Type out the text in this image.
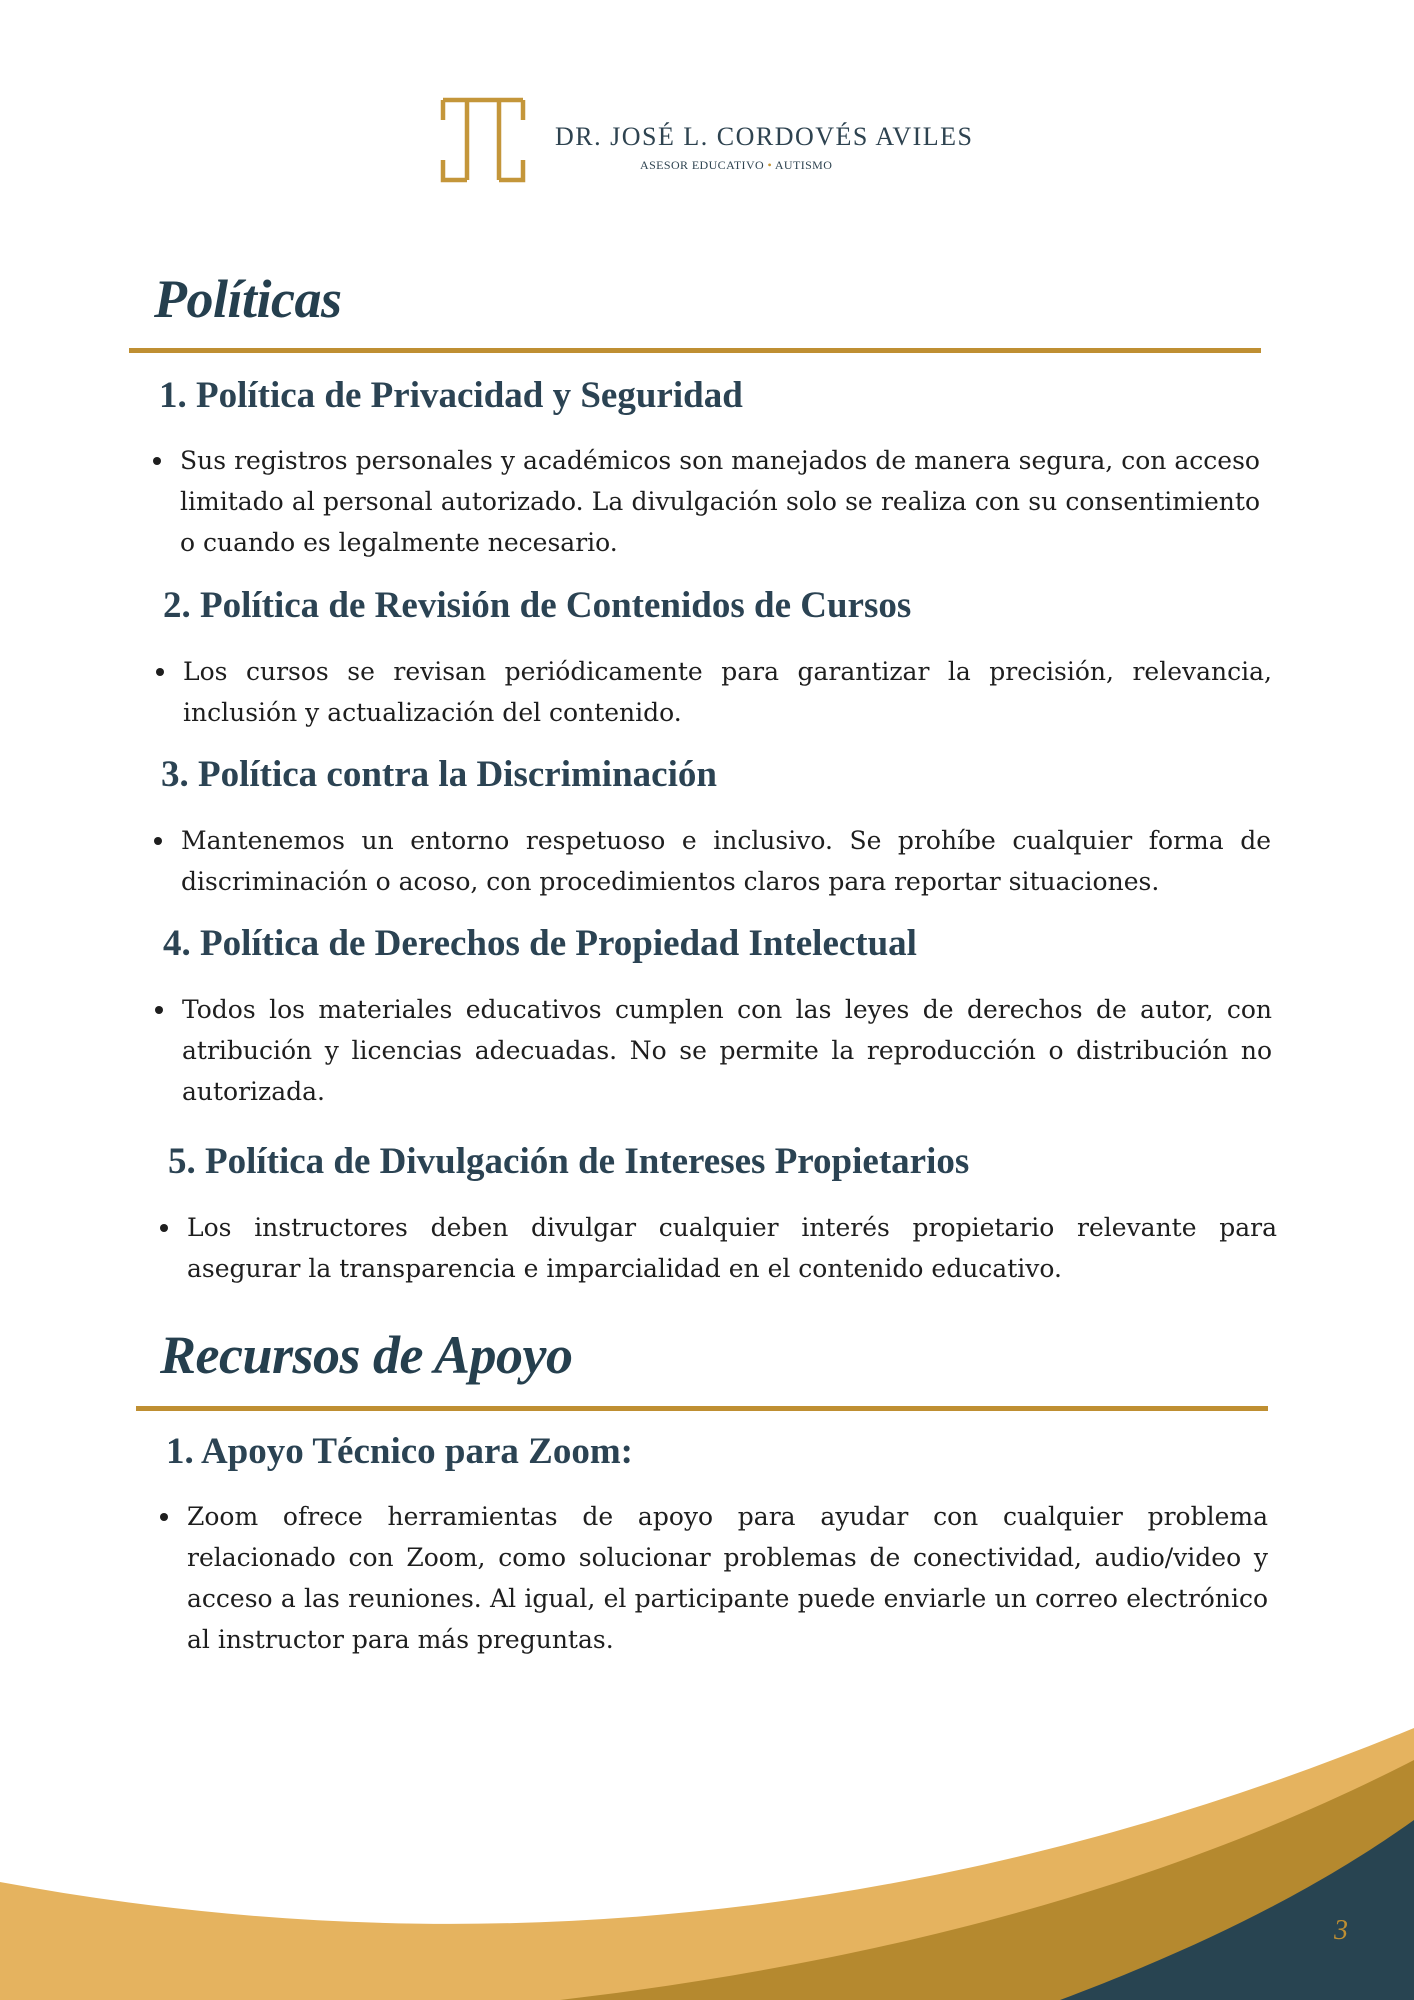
DR. JOSÉ L. CORDOVÉS AVILES
ASESOR EDUCATIVO • AUTISMO
Políticas
1. Política de Privacidad y Seguridad
Sus registros personales y académicos son manejados de manera segura, con acceso limitado al personal autorizado. La divulgación solo se realiza con su consentimiento o cuando es legalmente necesario.
2. Política de Revisión de Contenidos de Cursos
Los cursos se revisan periódicamente para garantizar la precisión, relevancia, inclusión y actualización del contenido.
3. Política contra la Discriminación
Mantenemos un entorno respetuoso e inclusivo. Se prohíbe cualquier forma de discriminación o acoso, con procedimientos claros para reportar situaciones.
4. Política de Derechos de Propiedad Intelectual
Todos los materiales educativos cumplen con las leyes de derechos de autor, con atribución y licencias adecuadas. No se permite la reproducción o distribución no autorizada.
5. Política de Divulgación de Intereses Propietarios
Los instructores deben divulgar cualquier interés propietario relevante para asegurar la transparencia e imparcialidad en el contenido educativo.
Recursos de Apoyo
1. Apoyo Técnico para Zoom:
Zoom ofrece herramientas de apoyo para ayudar con cualquier problema relacionado con Zoom, como solucionar problemas de conectividad, audio/video y acceso a las reuniones. Al igual, el participante puede enviarle un correo electrónico al instructor para más preguntas.
3
